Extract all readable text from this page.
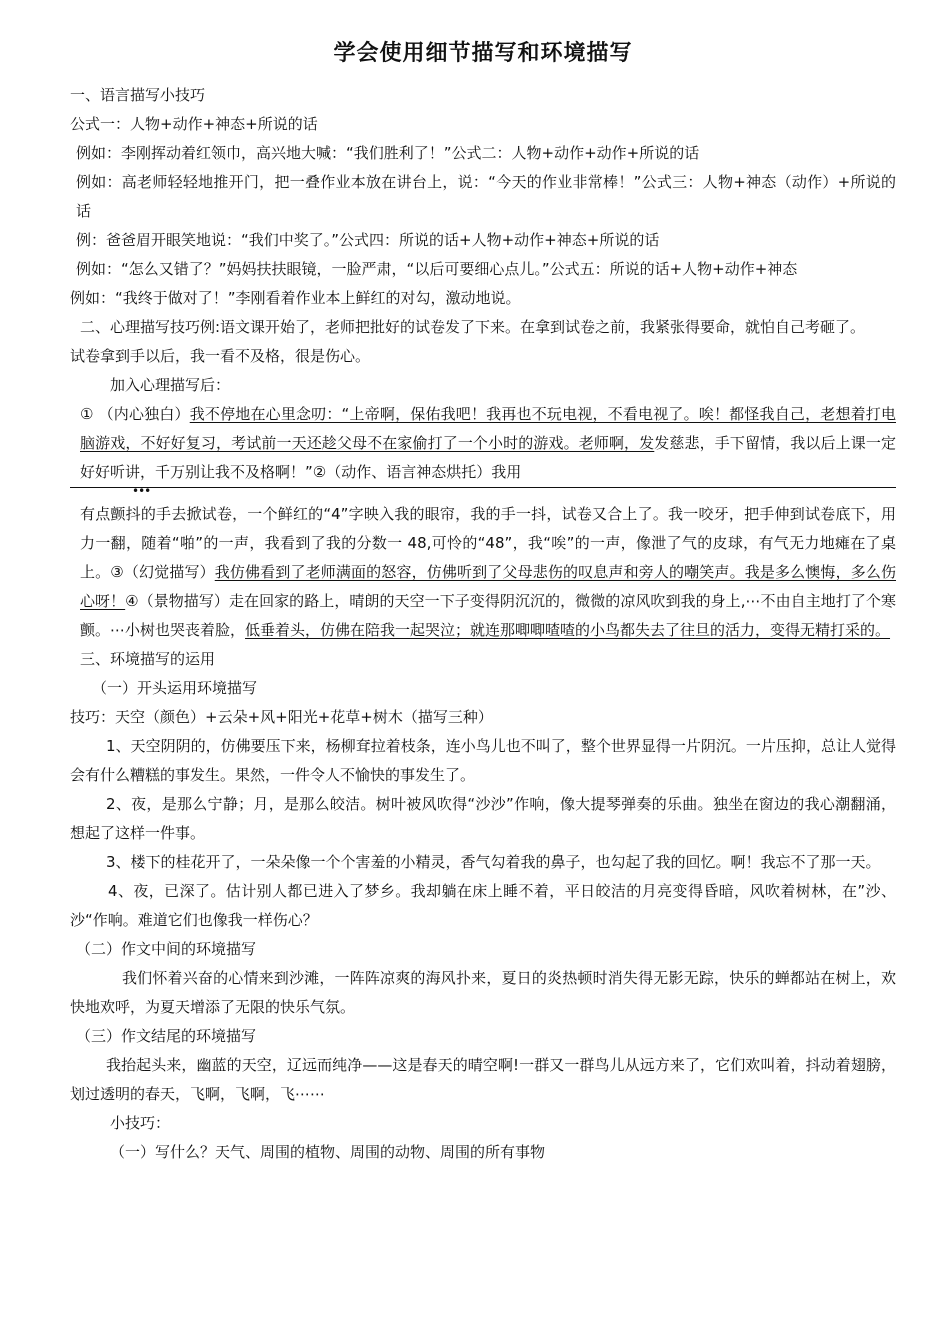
学会使用细节描写和环境描写

一、语言描写小技巧

公式一：人物+动作+神态+所说的话

例如：李刚挥动着红领巾，高兴地大喊：“我们胜利了！”公式二：人物+动作+动作+所说的话

例如：高老师轻轻地推开门，把一叠作业本放在讲台上，说：“今天的作业非常棒！”公式三：人物+神态（动作）+所说的话

例：爸爸眉开眼笑地说：“我们中奖了。”公式四：所说的话+人物+动作+神态+所说的话

例如：“怎么又错了？”妈妈扶扶眼镜，一脸严肃，“以后可要细心点儿。”公式五：所说的话+人物+动作+神态

例如：“我终于做对了！”李刚看着作业本上鲜红的对勾，激动地说。

二、心理描写技巧例:语文课开始了，老师把批好的试卷发了下来。在拿到试卷之前，我紧张得要命，就怕自己考砸了。

试卷拿到手以后，我一看不及格，很是伤心。

加入心理描写后：

① （内心独白）我不停地在心里念叨：“上帝啊，保佑我吧！我再也不玩电视，不看电视了。唉！都怪我自己，老想着打电脑游戏，不好好复习，考试前一天还趁父母不在家偷打了一个小时的游戏。老师啊，发发慈悲，手下留情，我以后上课一定好好听讲，千万别让我不及格啊！”②（动作、语言神态烘托）我用

•••

有点颤抖的手去掀试卷，一个鲜红的“4”字映入我的眼帘，我的手一抖，试卷又合上了。我一咬牙，把手伸到试卷底下，用力一翻，随着“啪”的一声，我看到了我的分数一 48,可怜的“48”，我“唉”的一声，像泄了气的皮球，有气无力地瘫在了桌上。③（幻觉描写）我仿佛看到了老师满面的怒容，仿佛听到了父母悲伤的叹息声和旁人的嘲笑声。我是多么懊悔，多么伤心呀！④（景物描写）走在回家的路上，晴朗的天空一下子变得阴沉沉的，微微的凉风吹到我的身上,⋯不由自主地打了个寒颤。⋯小树也哭丧着脸，低垂着头，仿佛在陪我一起哭泣；就连那唧唧喳喳的小鸟都失去了往旦的活力，变得无精打采的。

三、环境描写的运用

（一）开头运用环境描写

技巧：天空（颜色）+云朵+风+阳光+花草+树木（描写三种）

1、天空阴阴的，仿佛要压下来，杨柳耷拉着枝条，连小鸟儿也不叫了，整个世界显得一片阴沉。一片压抑，总让人觉得会有什么糟糕的事发生。果然，一件令人不愉快的事发生了。

2、夜，是那么宁静；月，是那么皎洁。树叶被风吹得“沙沙”作响，像大提琴弹奏的乐曲。独坐在窗边的我心潮翻涌，想起了这样一件事。

3、楼下的桂花开了，一朵朵像一个个害羞的小精灵，香气勾着我的鼻子，也勾起了我的回忆。啊！我忘不了那一天。

4、夜，已深了。估计别人都已进入了梦乡。我却躺在床上睡不着，平日皎洁的月亮变得昏暗，风吹着树林，在”沙、沙“作响。难道它们也像我一样伤心？

（二）作文中间的环境描写

我们怀着兴奋的心情来到沙滩，一阵阵凉爽的海风扑来，夏日的炎热顿时消失得无影无踪，快乐的蝉都站在树上，欢快地欢呼，为夏天增添了无限的快乐气氛。

（三）作文结尾的环境描写

我抬起头来，幽蓝的天空，辽远而纯净——这是春天的晴空啊!一群又一群鸟儿从远方来了，它们欢叫着，抖动着翅膀，划过透明的春天，飞啊，飞啊，飞⋯⋯

小技巧：

（一）写什么？天气、周围的植物、周围的动物、周围的所有事物
